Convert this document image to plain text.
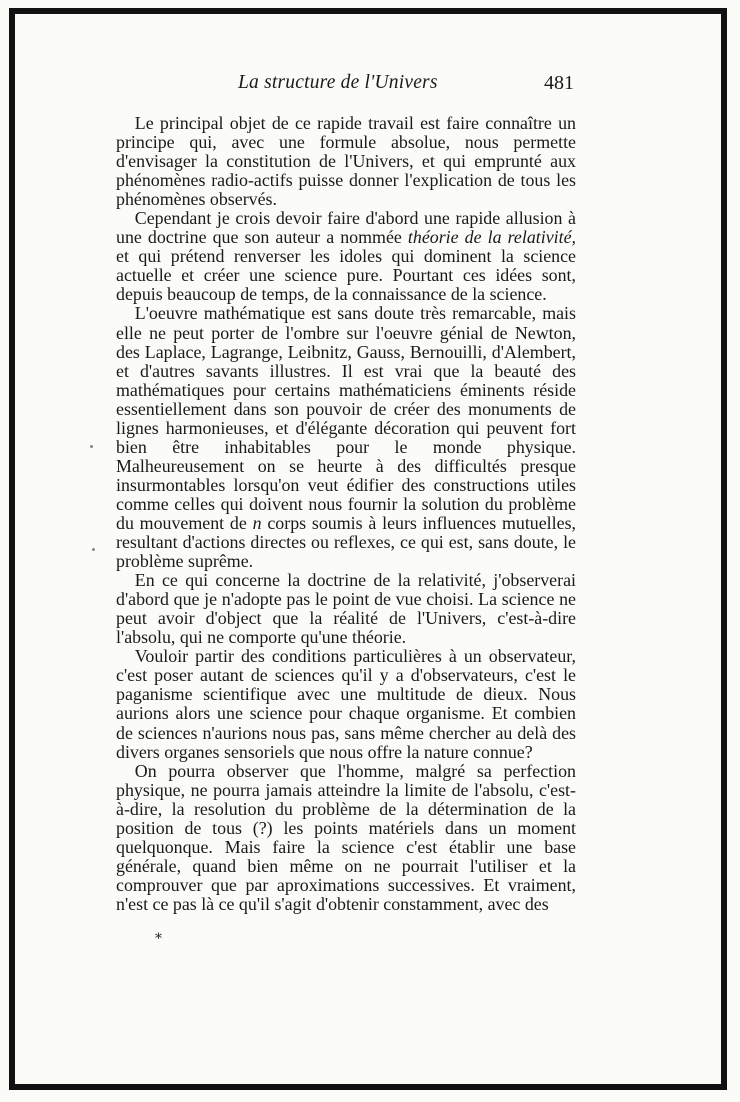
La structure de l'Univers	481

Le principal objet de ce rapide travail est faire connaître un principe qui, avec une formule absolue, nous permette d'envisager la constitution de l'Univers, et qui emprunté aux phénomènes radio-actifs puisse donner l'explication de tous les phénomènes observés.

Cependant je crois devoir faire d'abord une rapide allusion à une doctrine que son auteur a nommée théorie de la relativité, et qui prétend renverser les idoles qui dominent la science actuelle et créer une science pure. Pourtant ces idées sont, depuis beaucoup de temps, de la connaissance de la science.

L'oeuvre mathématique est sans doute très remarcable, mais elle ne peut porter de l'ombre sur l'oeuvre génial de Newton, des Laplace, Lagrange, Leibnitz, Gauss, Bernouilli, d'Alembert, et d'autres savants illustres. Il est vrai que la beauté des mathématiques pour certains mathématiciens éminents réside essentiellement dans son pouvoir de créer des monuments de lignes harmonieuses, et d'élégante décoration qui peuvent fort bien être inhabitables pour le monde physique. Malheureusement on se heurte à des difficultés presque insurmontables lorsqu'on veut édifier des constructions utiles comme celles qui doivent nous fournir la solution du problème du mouvement de n corps soumis à leurs influences mutuelles, resultant d'actions directes ou reflexes, ce qui est, sans doute, le problème suprême.

En ce qui concerne la doctrine de la relativité, j'observerai d'abord que je n'adopte pas le point de vue choisi. La science ne peut avoir d'object que la réalité de l'Univers, c'est-à-dire l'absolu, qui ne comporte qu'une théorie.

Vouloir partir des conditions particulières à un observateur, c'est poser autant de sciences qu'il y a d'observateurs, c'est le paganisme scientifique avec une multitude de dieux. Nous aurions alors une science pour chaque organisme. Et combien de sciences n'aurions nous pas, sans même chercher au delà des divers organes sensoriels que nous offre la nature connue?

On pourra observer que l'homme, malgré sa perfection physique, ne pourra jamais atteindre la limite de l'absolu, c'est-à-dire, la resolution du problème de la détermination de la position de tous (?) les points matériels dans un moment quelquonque. Mais faire la science c'est établir une base générale, quand bien même on ne pourrait l'utiliser et la comprouver que par aproximations successives. Et vraiment, n'est ce pas là ce qu'il s'agit d'obtenir constamment, avec des

*
